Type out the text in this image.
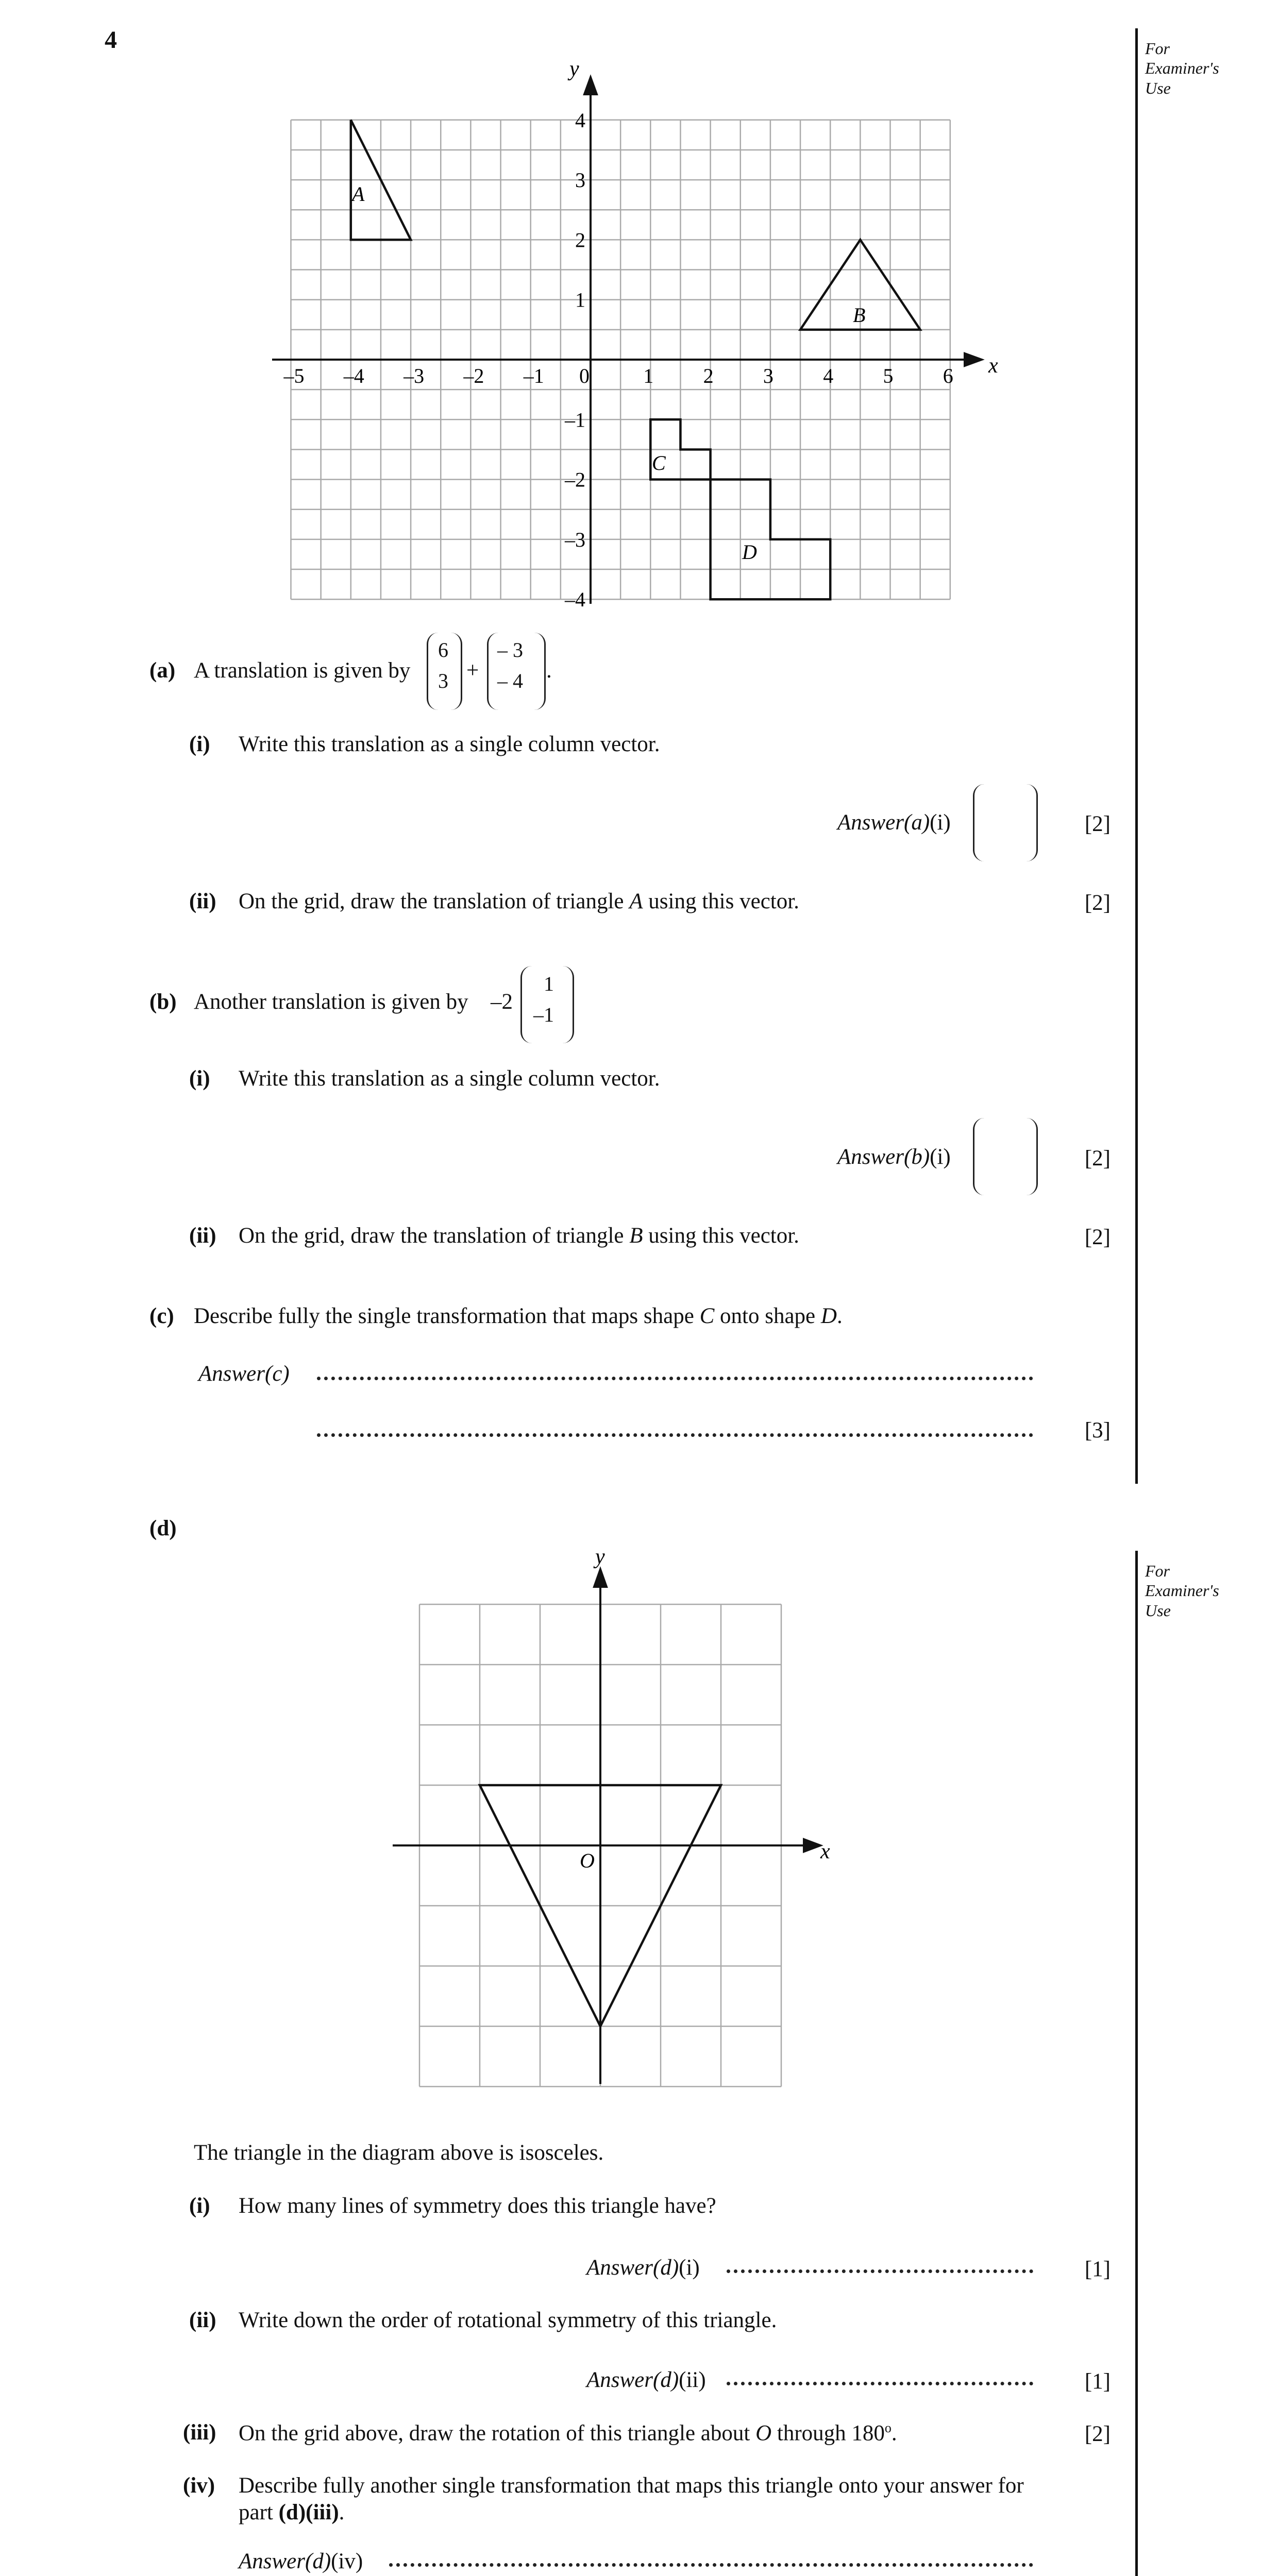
4	For
Examiner's
Use
For
Examiner's
Use
–5 –4 –3 –2 –1 0	1 2 3 4 5 6
4
3
2
1
–1
–2
–3
–4
x
y
A
B
C
D
(a) A translation is given by
6
3 +
– 3
– 4 .
(i) Write this translation as a single column vector.
Answer(a)(i)	[2]
(ii) On the grid, draw the translation of triangle A using this vector.	[2]
(b) Another translation is given by –2
1
–1
(i) Write this translation as a single column vector.
Answer(b)(i)	[2]
(ii) On the grid, draw the translation of triangle B using this vector.	[2]
(c) Describe fully the single transformation that maps shape C onto shape D.
Answer(c)
[3]
(d)
x
y
O
The triangle in the diagram above is isosceles.
(i) How many lines of symmetry does this triangle have?
Answer(d)(i)	[1]
(ii) Write down the order of rotational symmetry of this triangle.
Answer(d)(ii)	[1]
(iii) On the grid above, draw the rotation of this triangle about O through 180$^o$.	[2]
(iv) Describe fully another single transformation that maps this triangle onto your answer for
part (d)(iii).
Answer(d)(iv)
